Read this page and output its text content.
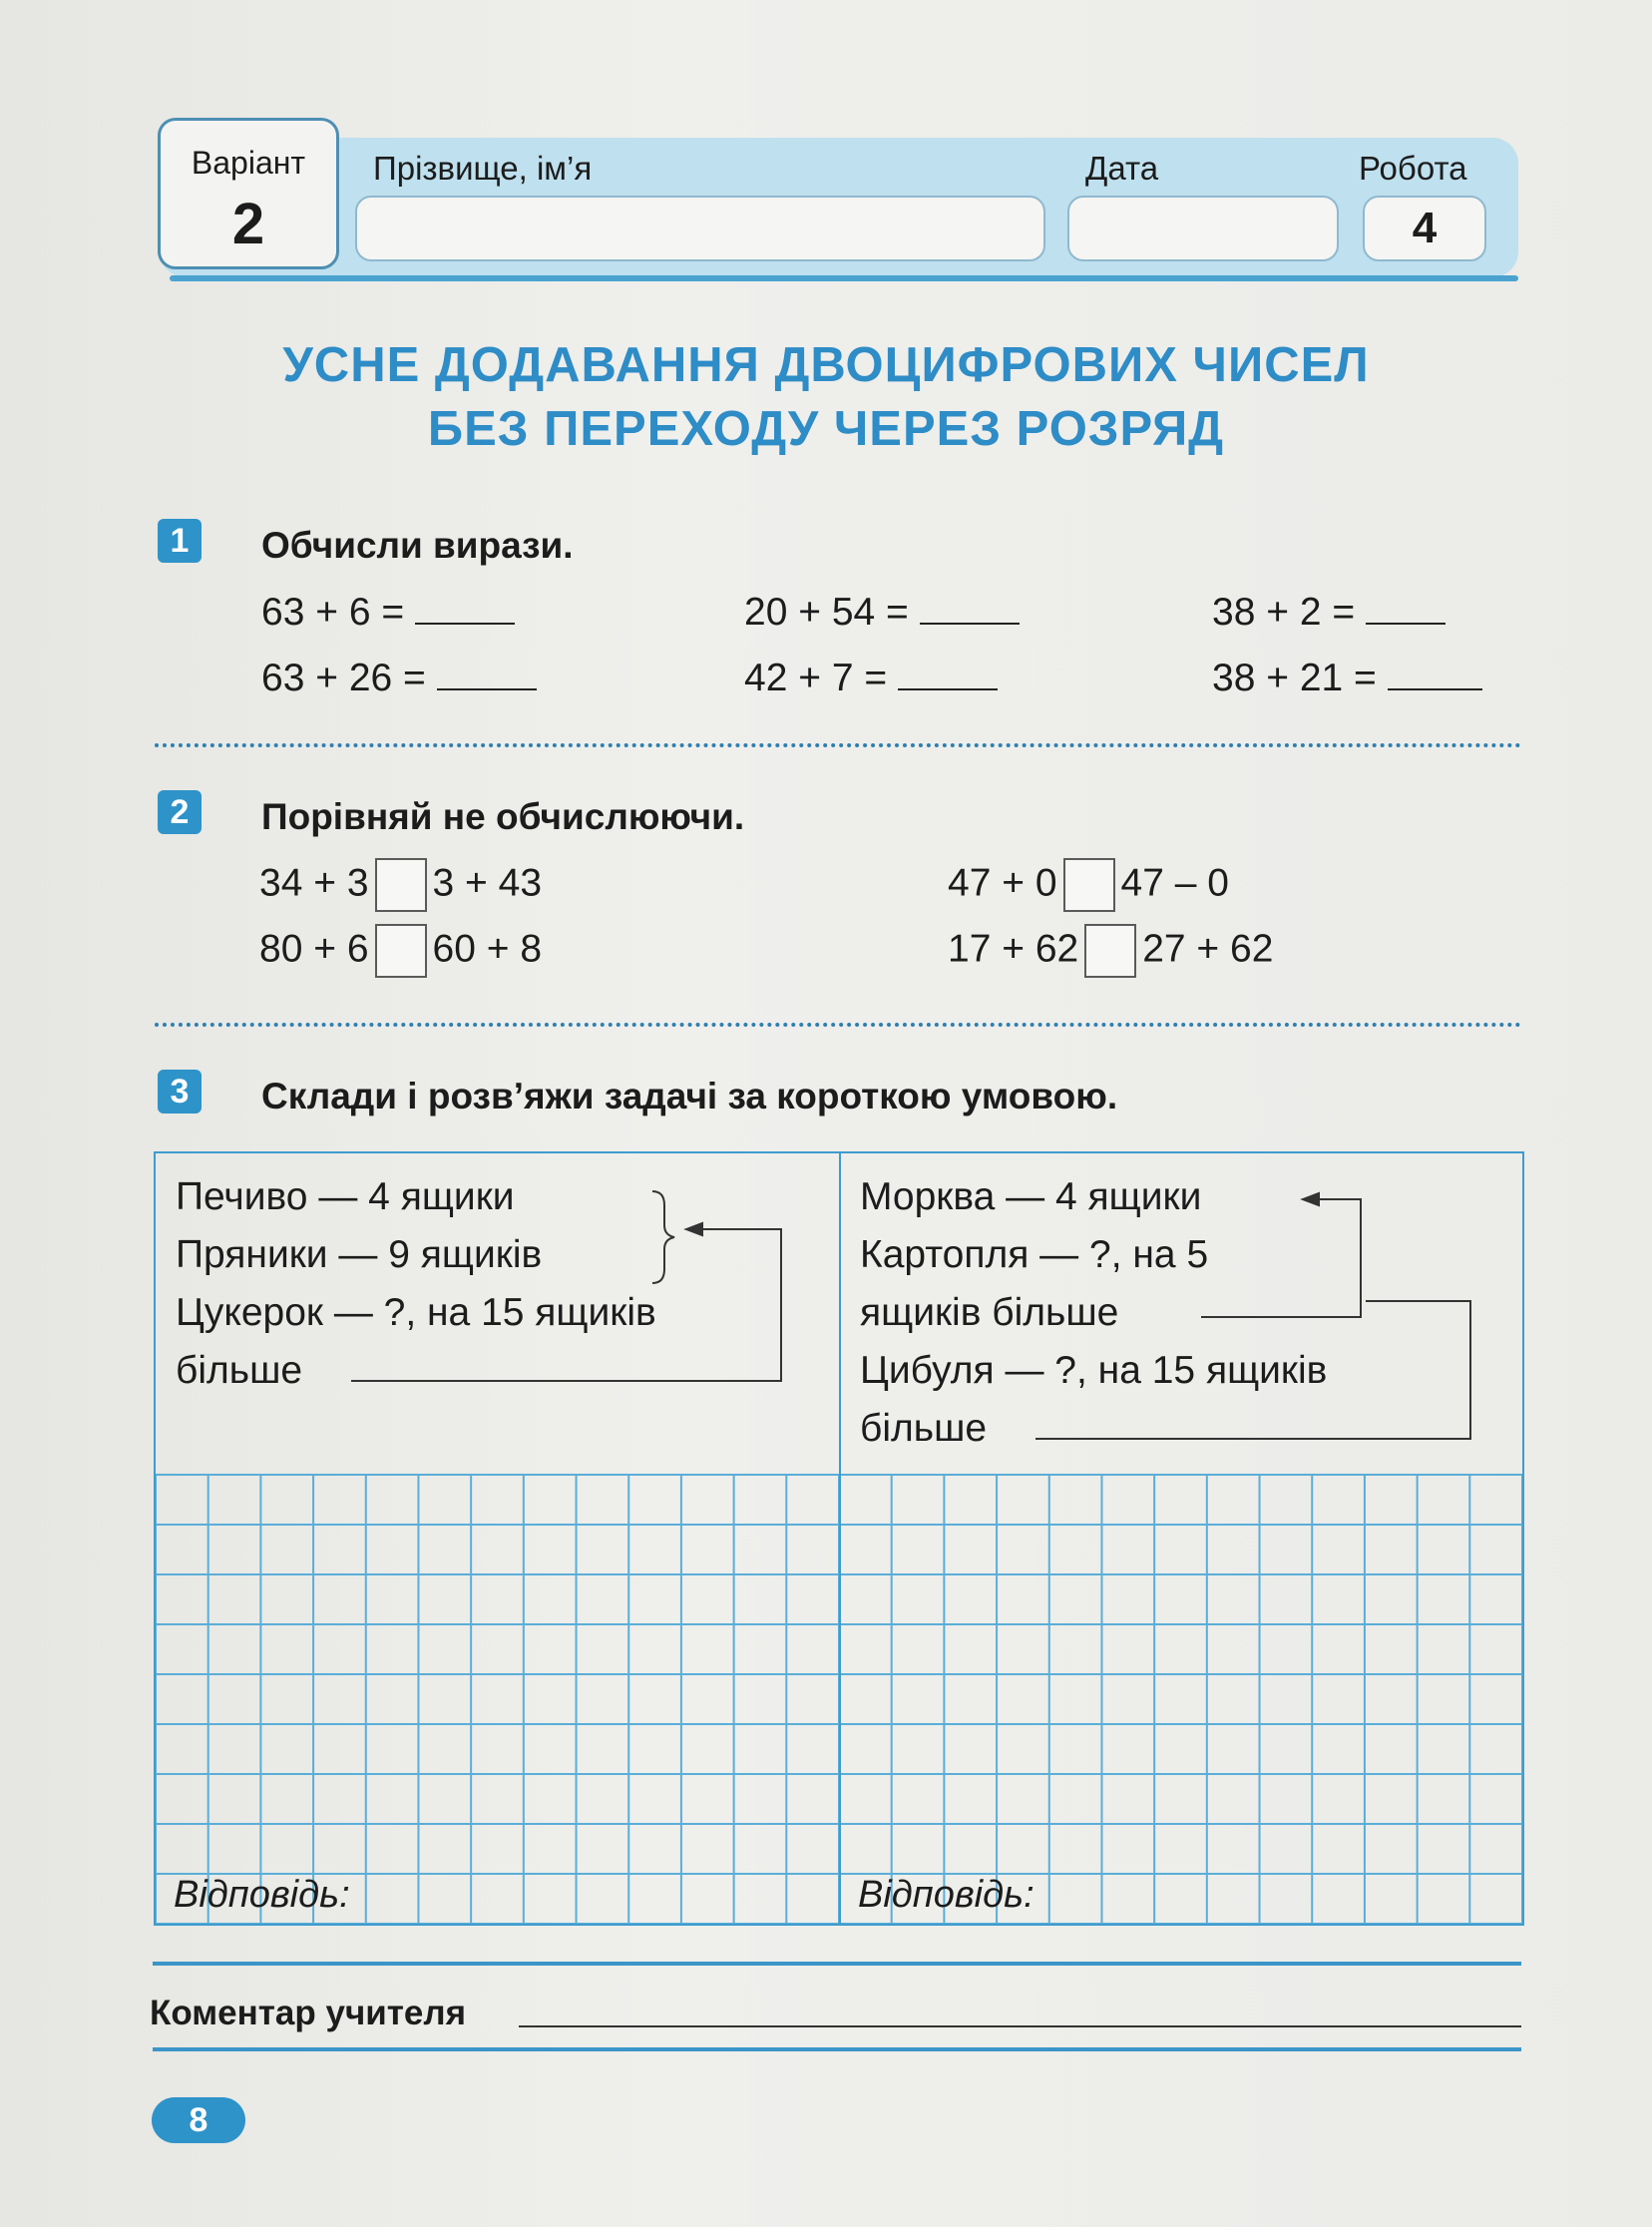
Варіант
2
Прізвище, ім’я	Дата	Робота
4
УСНЕ ДОДАВАННЯ ДВОЦИФРОВИХ ЧИСЕЛ
БЕЗ ПЕРЕХОДУ ЧЕРЕЗ РОЗРЯД
1	Обчисли вирази.
63 + 6 =	20 + 54 =	38 + 2 =
63 + 26 =	42 + 7 =	38 + 21 =
2	Порівняй не обчислюючи.
34 + 3 3 + 43	47 + 0 47 – 0
80 + 6 60 + 8	17 + 62 27 + 62
3	Склади і розв’яжи задачі за короткою умовою.
Печиво — 4 ящики
Пряники — 9 ящиків
Цукерок — ?, на 15 ящиків
більше
Морква — 4 ящики
Картопля — ?, на 5
ящиків більше
Цибуля — ?, на 15 ящиків
більше
Відповідь:	Відповідь:
Коментар учителя
8
